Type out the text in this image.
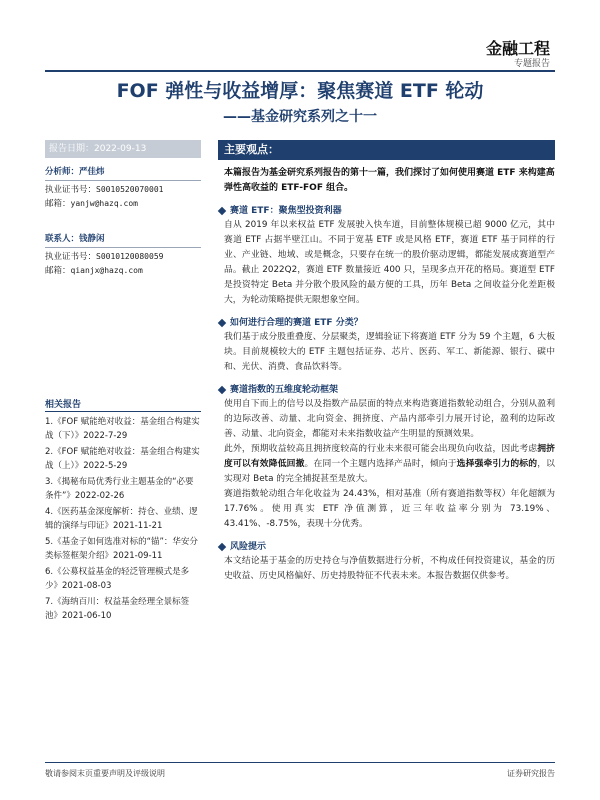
金融工程
专题报告
FOF 弹性与收益增厚：聚焦赛道 ETF 轮动
——基金研究系列之十一
报告日期：2022-09-13
分析师：严佳炜
执业证书号：S0010520070001
邮箱：yanjw@hazq.com
联系人：钱静闲
执业证书号：S0010120080059
邮箱：qianjx@hazq.com
相关报告
1.《FOF 赋能绝对收益：基金组合构建实战（下）》2022-7-29
2.《FOF 赋能绝对收益：基金组合构建实战（上）》2022-5-29
3.《揭秘布局优秀行业主题基金的“必要条件”》2022-02-26
4.《医药基金深度解析：持仓、业绩、逻辑的演绎与印证》2021-11-21
5.《基金子如何选准对标的“锚”：华安分类标签框架介绍》2021-09-11
6.《公募权益基金的轻泛管理模式是多少》2021-08-03
7.《海纳百川：权益基金经理全景标签池》2021-06-10
主要观点：
本篇报告为基金研究系列报告的第十一篇，我们探讨了如何使用赛道 ETF 来构建高弹性高收益的 ETF-FOF 组合。
赛道 ETF：聚焦型投资利器
自从 2019 年以来权益 ETF 发展驶入快车道，目前整体规模已超 9000 亿元，其中赛道 ETF 占据半壁江山。不同于宽基 ETF 或是风格 ETF，赛道 ETF 基于同样的行业、产业链、地域、或是概念，只要存在统一的股价驱动逻辑，都能发展成赛道型产品。截止 2022Q2，赛道 ETF 数量接近 400 只，呈现多点开花的格局。赛道型 ETF 是投资特定 Beta 并分散个股风险的最方便的工具，历年 Beta 之间收益分化差距极大，为轮动策略提供无限想象空间。
如何进行合理的赛道 ETF 分类？
我们基于成分股重叠度、分层聚类，逻辑验证下将赛道 ETF 分为 59 个主题，6 大板块。目前规模较大的 ETF 主题包括证券、芯片、医药、军工、新能源、银行、碳中和、光伏、消费、食品饮料等。
赛道指数的五维度轮动框架
使用自下而上的信号以及指数产品层面的特点来构造赛道指数轮动组合，分别从盈利的边际改善、动量、北向资金、拥挤度、产品内部牵引力展开讨论，盈利的边际改善、动量、北向资金，都能对未来指数收益产生明显的预测效果。
此外，预期收益较高且拥挤度较高的行业未来很可能会出现负向收益，因此考虑拥挤度可以有效降低回撤。在同一个主题内选择产品时，倾向于选择强牵引力的标的，以实现对 Beta 的完全捕捉甚至是放大。
赛道指数轮动组合年化收益为 24.43%，相对基准（所有赛道指数等权）年化超额为 17.76%。使用真实 ETF 净值测算，近三年收益率分别为 73.19%、43.41%、-8.75%，表现十分优秀。
风险提示
本文结论基于基金的历史持仓与净值数据进行分析，不构成任何投资建议，基金的历史收益、历史风格偏好、历史持股特征不代表未来。本报告数据仅供参考。
敬请参阅末页重要声明及评级说明	证券研究报告
